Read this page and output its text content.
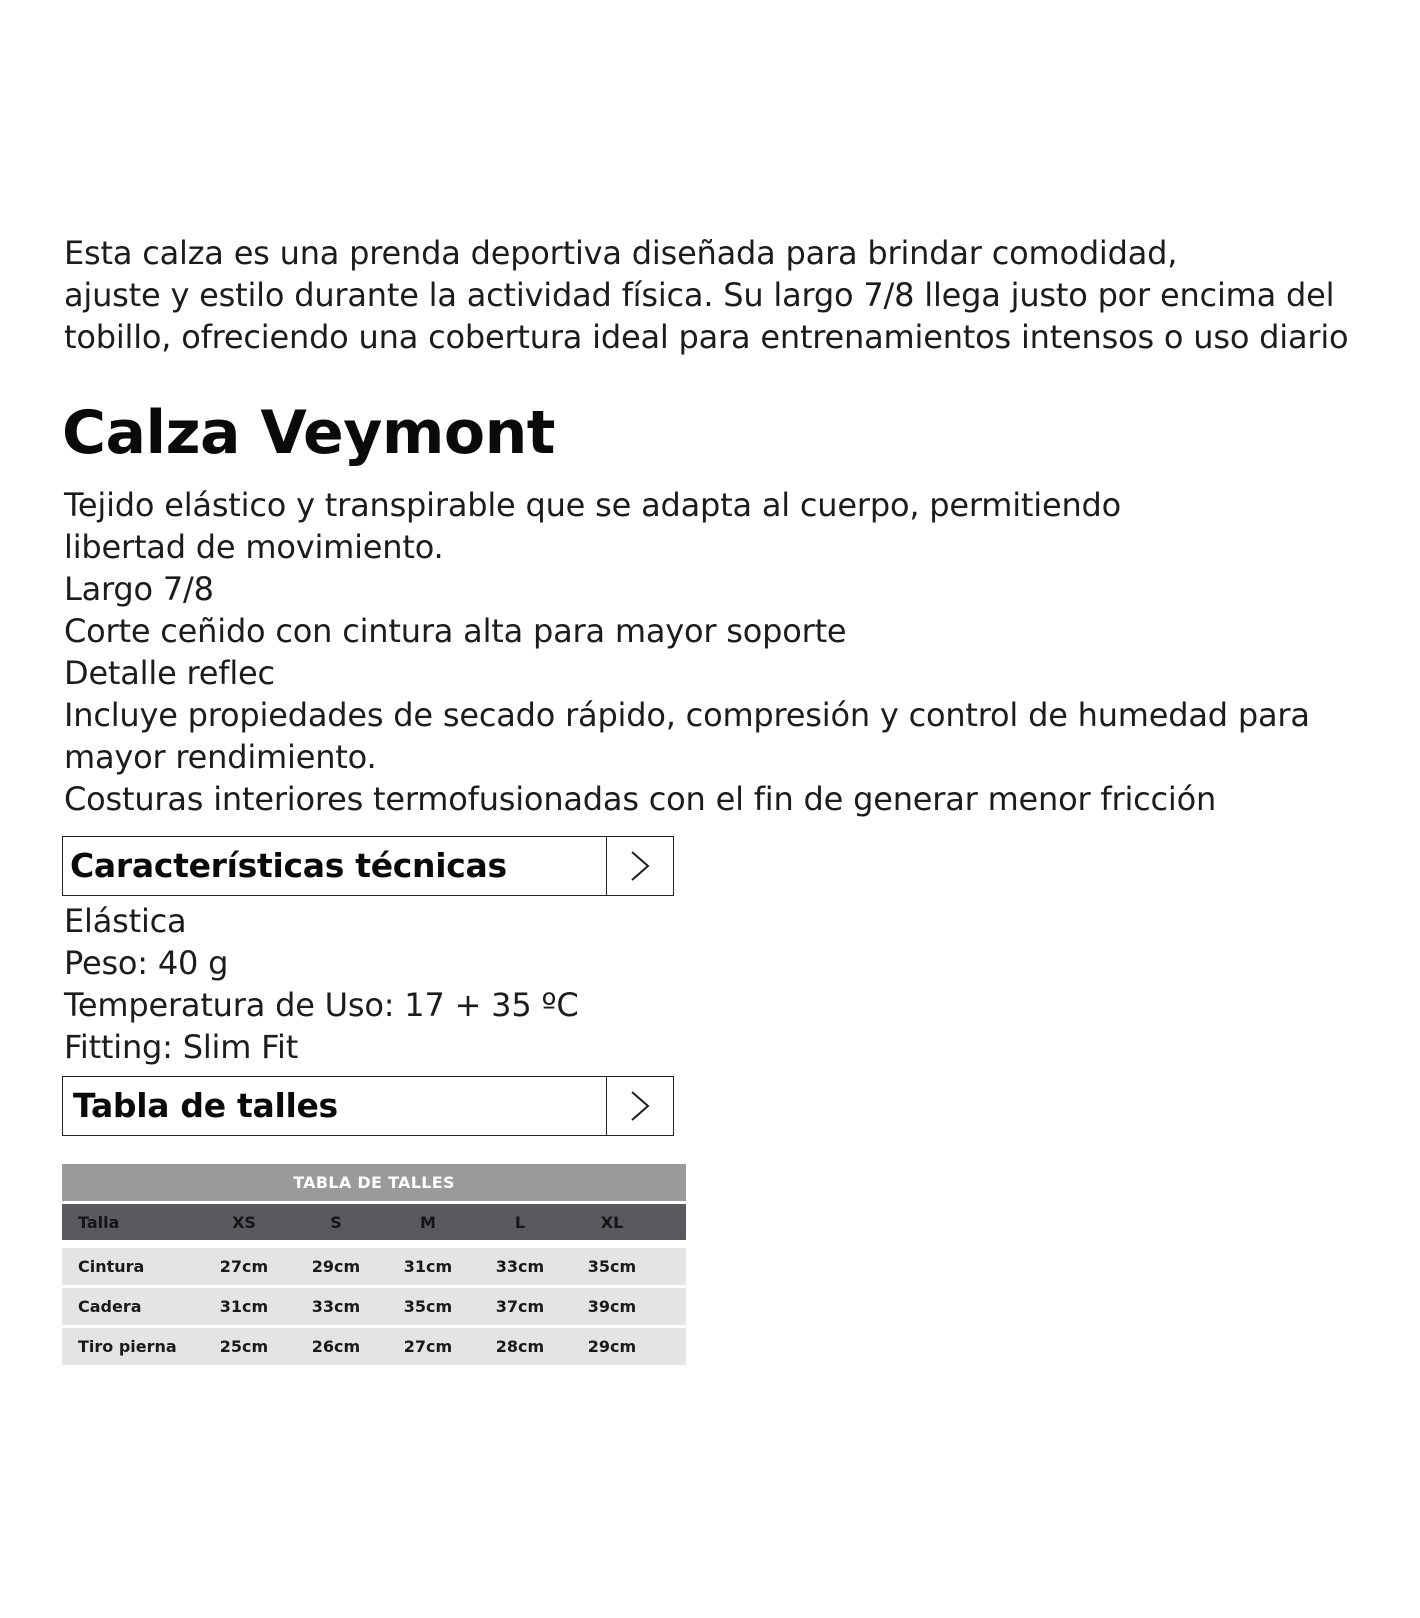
Esta calza es una prenda deportiva diseñada para brindar comodidad,
ajuste y estilo durante la actividad física. Su largo 7/8 llega justo por encima del
tobillo, ofreciendo una cobertura ideal para entrenamientos intensos o uso diario
Calza Veymont
Tejido elástico y transpirable que se adapta al cuerpo, permitiendo
libertad de movimiento.
Largo 7/8
Corte ceñido con cintura alta para mayor soporte
Detalle reflec
Incluye propiedades de secado rápido, compresión y control de humedad para
mayor rendimiento.
Costuras interiores termofusionadas con el fin de generar menor fricción
Características técnicas
Elástica
Peso: 40 g
Temperatura de Uso: 17 + 35 ºC
Fitting: Slim Fit
Tabla de talles
TABLA DE TALLES
Talla	XS	S	M	L	XL
Cintura	27cm	29cm	31cm	33cm	35cm
Cadera	31cm	33cm	35cm	37cm	39cm
Tiro pierna	25cm	26cm	27cm	28cm	29cm
